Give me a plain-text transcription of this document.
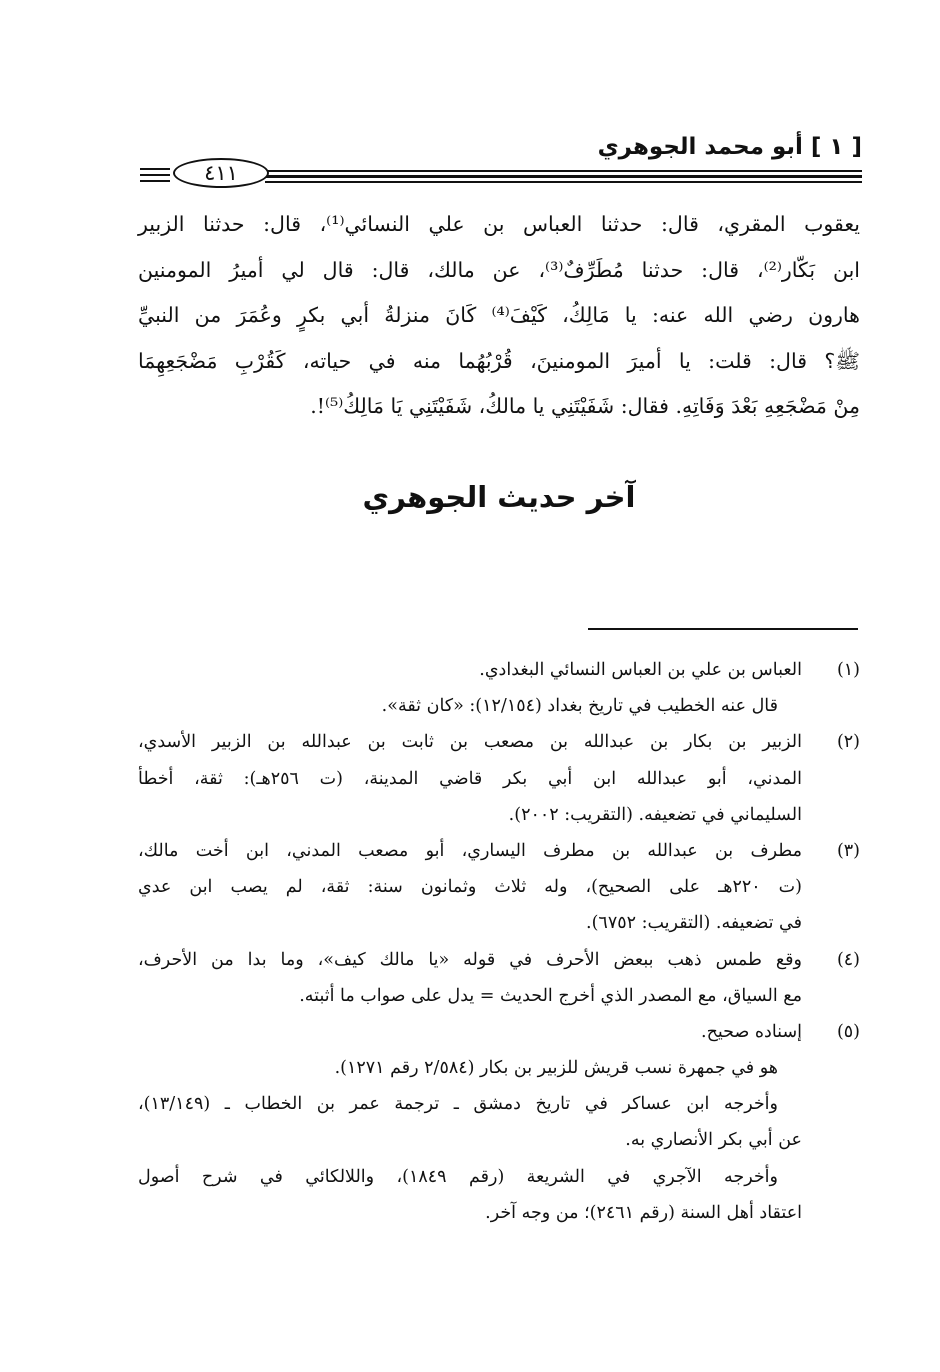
[ ١ ] أبو محمد الجوهري
٤١١
يعقوب المقري، قال: حدثنا العباس بن علي النسائي⁽¹⁾، قال: حدثنا الزبير
ابن بَكّار⁽²⁾، قال: حدثنا مُطَرِّفٌ⁽³⁾، عن مالك، قال: قال لي أميرُ المومنين
هارون رضي الله عنه: يا مَالِكُ، كَيْفَ⁽⁴⁾ كَانَ منزلةُ أبي بكرٍ وعُمَرَ من النبيِّ
ﷺ؟ قال: قلت: يا أميرَ المومنينَ، قُرْبُهُما منه في حياته، كَقُرْبِ مَضْجَعِهِمَا
مِنْ مَضْجَعِهِ بَعْدَ وَفَاتِهِ. فقال: شَفَيْتَنِي يا مالكُ، شَفَيْتَنِي يَا مَالِكُ⁽⁵⁾!.
آخر حديث الجوهري
(١)
العباس بن علي بن العباس النسائي البغدادي.
قال عنه الخطيب في تاريخ بغداد (١٢/١٥٤): «كان ثقة».
(٢)
الزبير بن بكار بن عبدالله بن مصعب بن ثابت بن عبدالله بن الزبير الأسدي،
المدني، أبو عبدالله ابن أبي بكر قاضي المدينة، (ت ٢٥٦هـ): ثقة، أخطأ
السليماني في تضعيفه. (التقريب: ٢٠٠٢).
(٣)
مطرف بن عبدالله بن مطرف اليساري، أبو مصعب المدني، ابن أخت مالك،
(ت ٢٢٠هـ على الصحيح)، وله ثلاث وثمانون سنة: ثقة، لم يصب ابن عدي
في تضعيفه. (التقريب: ٦٧٥٢).
(٤)
وقع طمس ذهب ببعض الأحرف في قوله «يا مالك كيف»، وما بدا من الأحرف،
مع السياق، مع المصدر الذي أخرج الحديث = يدل على صواب ما أثبته.
(٥)
إسناده صحيح.
هو في جمهرة نسب قريش للزبير بن بكار (٢/٥٨٤ رقم ١٢٧١).
وأخرجه ابن عساكر في تاريخ دمشق ـ ترجمة عمر بن الخطاب ـ (١٣/١٤٩)،
عن أبي بكر الأنصاري به.
وأخرجه الآجري في الشريعة (رقم ١٨٤٩)، واللالكائي في شرح أصول
اعتقاد أهل السنة (رقم ٢٤٦١)؛ من وجه آخر.
